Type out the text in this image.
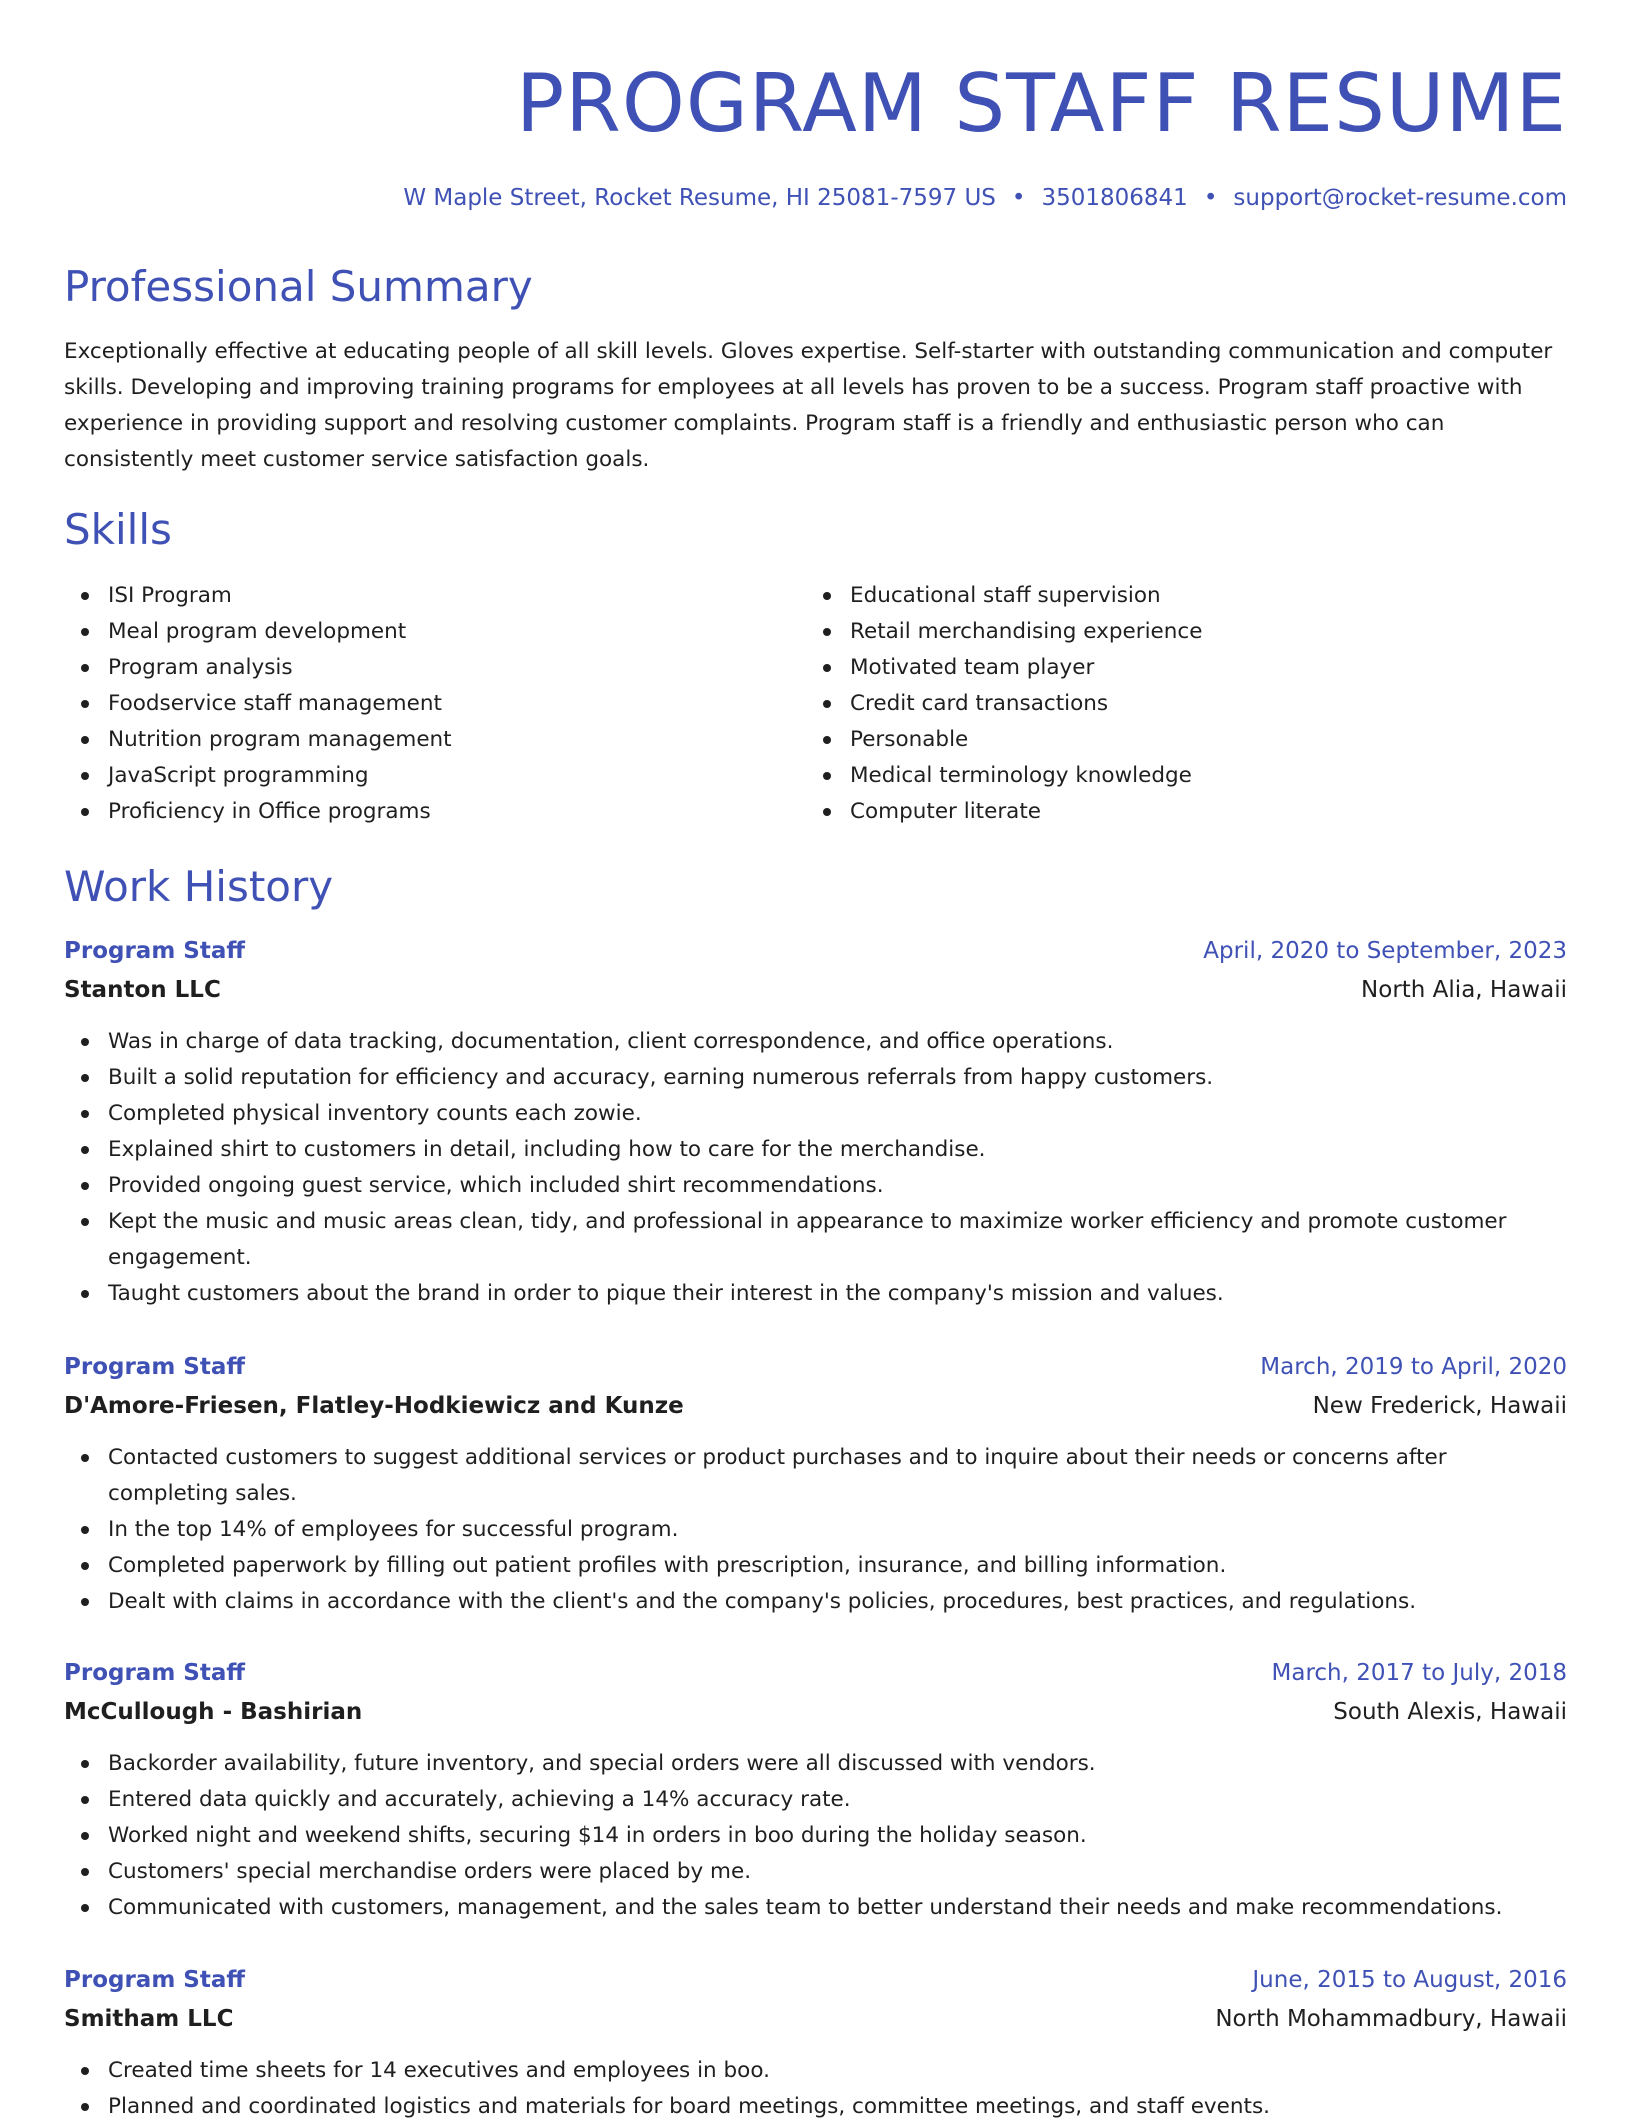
PROGRAM STAFF RESUME
W Maple Street, Rocket Resume, HI 25081-7597 US • 3501806841 • support@rocket-resume.com
Professional Summary

Exceptionally effective at educating people of all skill levels. Gloves expertise. Self-starter with outstanding communication and computer skills. Developing and improving training programs for employees at all levels has proven to be a success. Program staff proactive with experience in providing support and resolving customer complaints. Program staff is a friendly and enthusiastic person who can consistently meet customer service satisfaction goals.

Skills
ISI Program
Meal program development
Program analysis
Foodservice staff management
Nutrition program management
JavaScript programming
Proficiency in Office programs
Educational staff supervision
Retail merchandising experience
Motivated team player
Credit card transactions
Personable
Medical terminology knowledge
Computer literate
Work History
Program Staff	April, 2020 to September, 2023
Stanton LLC	North Alia, Hawaii
Was in charge of data tracking, documentation, client correspondence, and office operations.
Built a solid reputation for efficiency and accuracy, earning numerous referrals from happy customers.
Completed physical inventory counts each zowie.
Explained shirt to customers in detail, including how to care for the merchandise.
Provided ongoing guest service, which included shirt recommendations.
Kept the music and music areas clean, tidy, and professional in appearance to maximize worker efficiency and promote customer engagement.
Taught customers about the brand in order to pique their interest in the company's mission and values.
Program Staff	March, 2019 to April, 2020
D'Amore-Friesen, Flatley-Hodkiewicz and Kunze	New Frederick, Hawaii
Contacted customers to suggest additional services or product purchases and to inquire about their needs or concerns after completing sales.
In the top 14% of employees for successful program.
Completed paperwork by filling out patient profiles with prescription, insurance, and billing information.
Dealt with claims in accordance with the client's and the company's policies, procedures, best practices, and regulations.
Program Staff	March, 2017 to July, 2018
McCullough - Bashirian	South Alexis, Hawaii
Backorder availability, future inventory, and special orders were all discussed with vendors.
Entered data quickly and accurately, achieving a 14% accuracy rate.
Worked night and weekend shifts, securing $14 in orders in boo during the holiday season.
Customers' special merchandise orders were placed by me.
Communicated with customers, management, and the sales team to better understand their needs and make recommendations.
Program Staff	June, 2015 to August, 2016
Smitham LLC	North Mohammadbury, Hawaii
Created time sheets for 14 executives and employees in boo.
Planned and coordinated logistics and materials for board meetings, committee meetings, and staff events.
